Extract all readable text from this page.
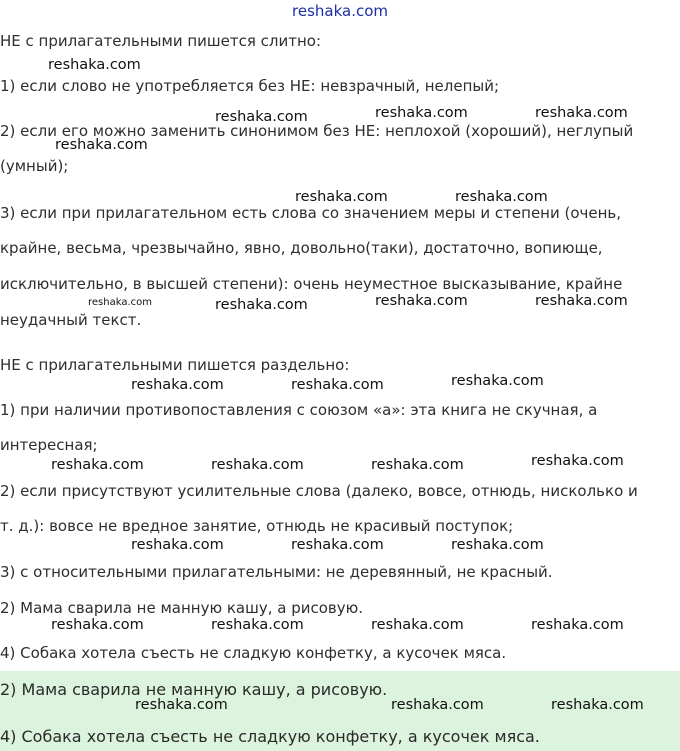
reshaka.com
НЕ с прилагательными пишется слитно:
1) если слово не употребляется без НЕ: невзрачный, нелепый;
2) если его можно заменить синонимом без НЕ: неплохой (хороший), неглупый
(умный);
3) если при прилагательном есть слова со значением меры и степени (очень,
крайне, весьма, чрезвычайно, явно, довольно(таки), достаточно, вопиюще,
исключительно, в высшей степени): очень неуместное высказывание, крайне
неудачный текст.
НЕ с прилагательными пишется раздельно:
1) при наличии противопоставления с союзом «а»: эта книга не скучная, а
интересная;
2) если присутствуют усилительные слова (далеко, вовсе, отнюдь, нисколько и
т. д.): вовсе не вредное занятие, отнюдь не красивый поступок;
3) с относительными прилагательными: не деревянный, не красный.
2) Мама сварила не манную кашу, а рисовую.
4) Собака хотела съесть не сладкую конфетку, а кусочек мяса.
2) Мама сварила не манную кашу, а рисовую.
4) Собака хотела съесть не сладкую конфетку, а кусочек мяса.
reshaka.com
reshaka.com	reshaka.com	reshaka.com
reshaka.com
reshaka.com	reshaka.com
reshaka.com	reshaka.com	reshaka.com	reshaka.com
reshaka.com	reshaka.com	reshaka.com
reshaka.com	reshaka.com	reshaka.com	reshaka.com
reshaka.com	reshaka.com	reshaka.com
reshaka.com	reshaka.com	reshaka.com	reshaka.com
reshaka.com	reshaka.com	reshaka.com
